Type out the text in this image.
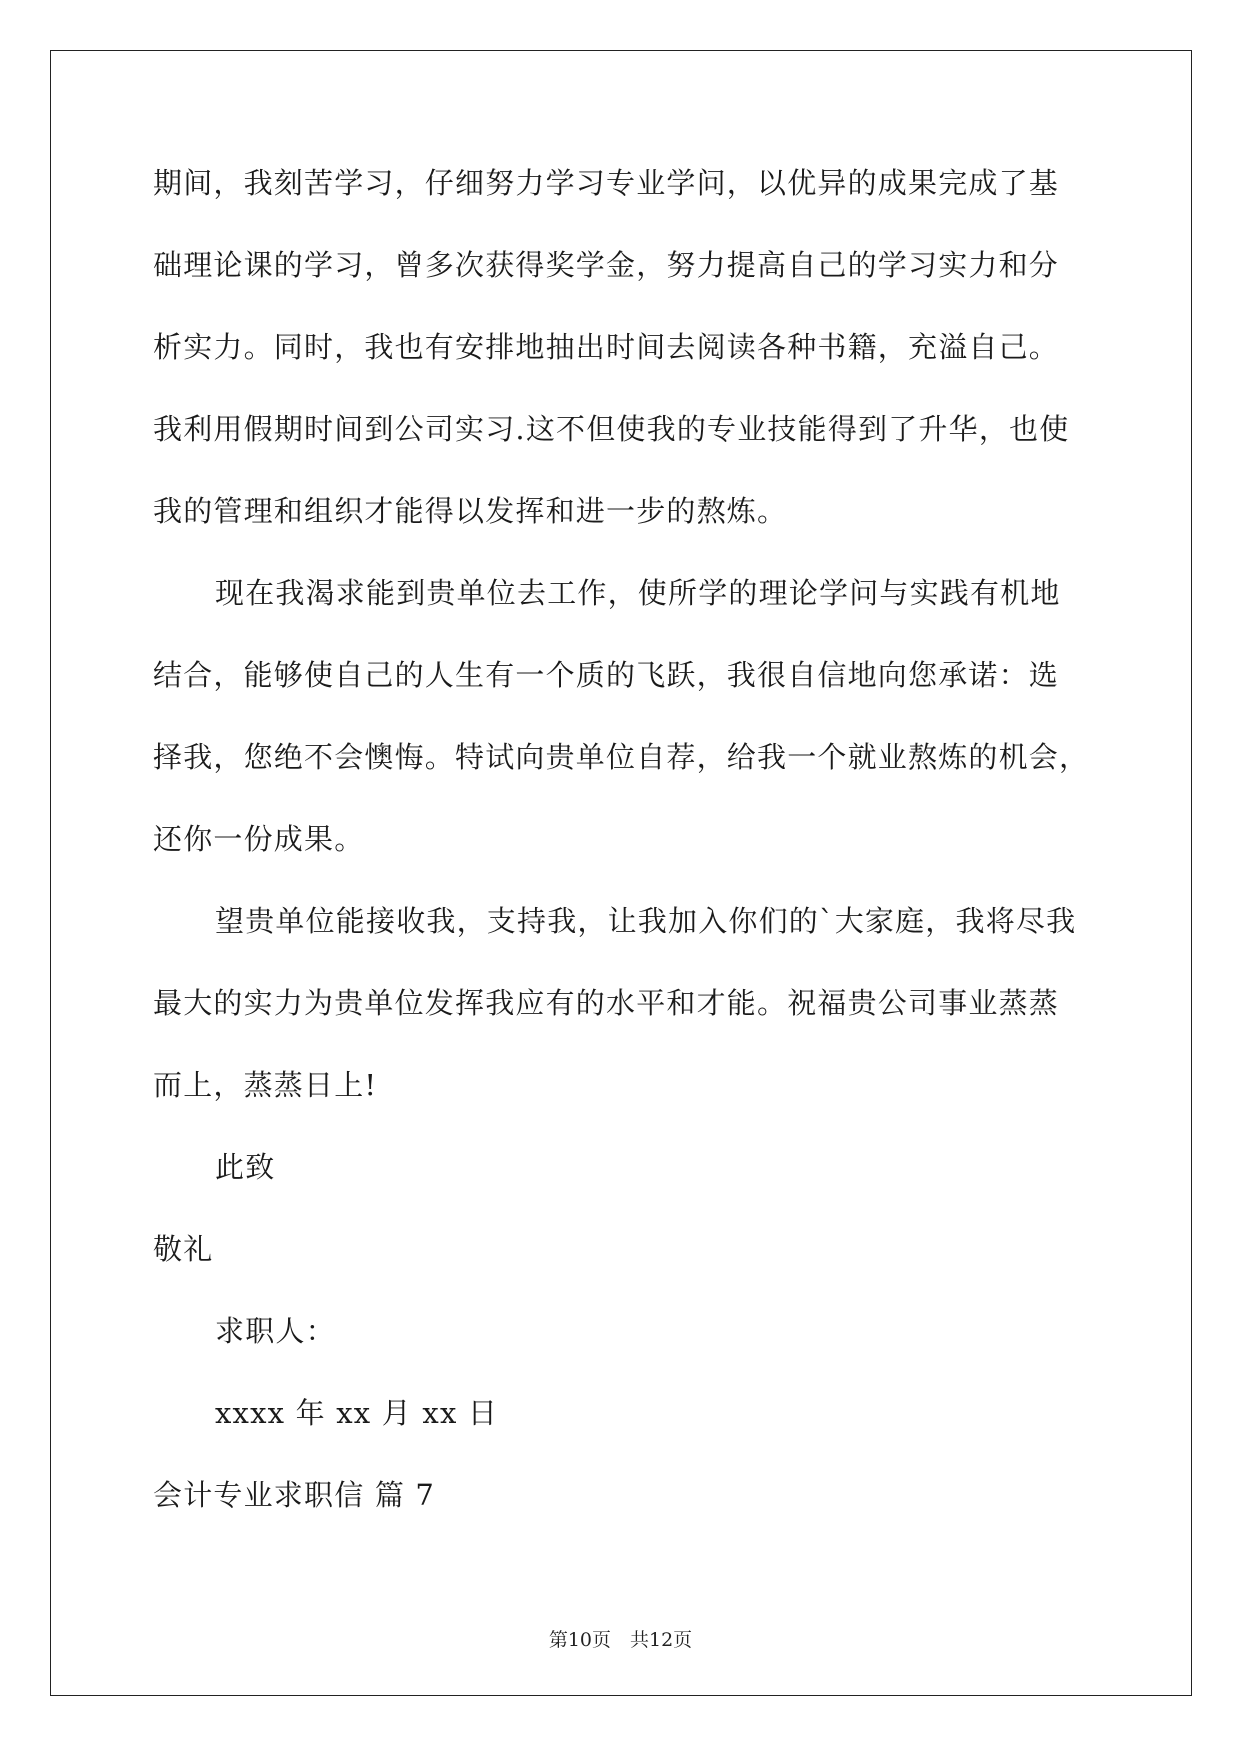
期间，我刻苦学习，仔细努力学习专业学问，以优异的成果完成了基
础理论课的学习，曾多次获得奖学金，努力提高自己的学习实力和分
析实力。同时，我也有安排地抽出时间去阅读各种书籍，充溢自己。
我利用假期时间到公司实习.这不但使我的专业技能得到了升华，也使
我的管理和组织才能得以发挥和进一步的熬炼。
现在我渴求能到贵单位去工作，使所学的理论学问与实践有机地
结合，能够使自己的人生有一个质的飞跃，我很自信地向您承诺：选
择我，您绝不会懊悔。特试向贵单位自荐，给我一个就业熬炼的机会，
还你一份成果。
望贵单位能接收我，支持我，让我加入你们的`大家庭，我将尽我
最大的实力为贵单位发挥我应有的水平和才能。祝福贵公司事业蒸蒸
而上，蒸蒸日上!
此致
敬礼
求职人：
xxxx 年 xx 月 xx 日
会计专业求职信 篇 7
第10页　共12页
